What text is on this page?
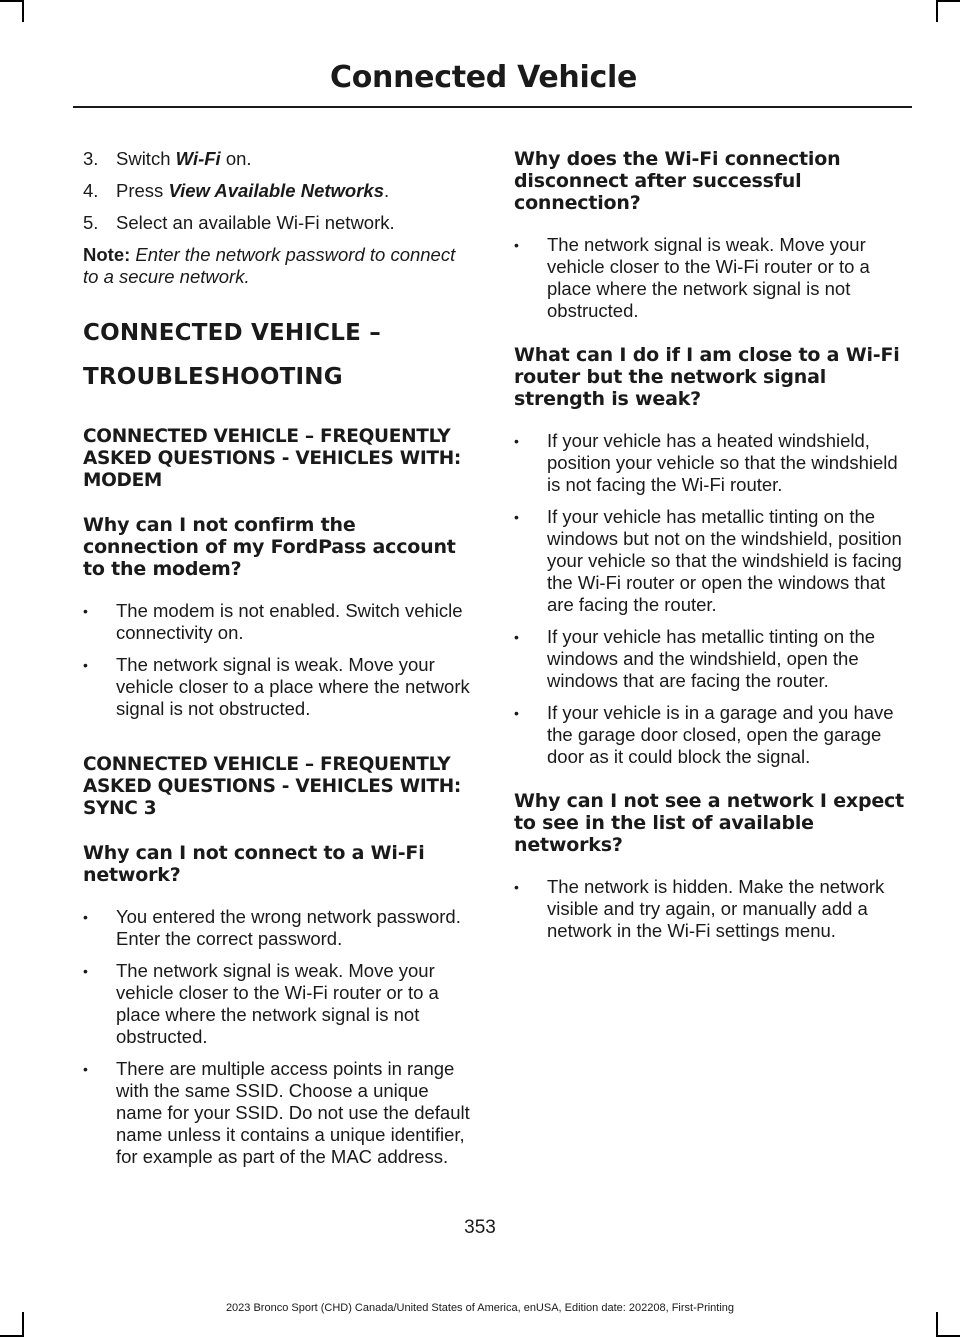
Connected Vehicle
3. Switch Wi-Fi on.
4. Press View Available Networks.
5. Select an available Wi-Fi network.

Note: Enter the network password to connect to a secure network.

CONNECTED VEHICLE –
TROUBLESHOOTING
CONNECTED VEHICLE – FREQUENTLY ASKED QUESTIONS - VEHICLES WITH: MODEM
Why can I not confirm the connection of my FordPass account to the modem?
• The modem is not enabled. Switch vehicle connectivity on.
• The network signal is weak. Move your vehicle closer to a place where the network signal is not obstructed.
CONNECTED VEHICLE – FREQUENTLY ASKED QUESTIONS - VEHICLES WITH: SYNC 3
Why can I not connect to a Wi-Fi network?
• You entered the wrong network password. Enter the correct password.
• The network signal is weak. Move your vehicle closer to the Wi-Fi router or to a place where the network signal is not obstructed.
• There are multiple access points in range with the same SSID. Choose a unique name for your SSID. Do not use the default name unless it contains a unique identifier, for example as part of the MAC address.
Why does the Wi-Fi connection disconnect after successful connection?
• The network signal is weak. Move your vehicle closer to the Wi-Fi router or to a place where the network signal is not obstructed.
What can I do if I am close to a Wi-Fi router but the network signal strength is weak?
• If your vehicle has a heated windshield, position your vehicle so that the windshield is not facing the Wi-Fi router.
• If your vehicle has metallic tinting on the windows but not on the windshield, position your vehicle so that the windshield is facing the Wi-Fi router or open the windows that are facing the router.
• If your vehicle has metallic tinting on the windows and the windshield, open the windows that are facing the router.
• If your vehicle is in a garage and you have the garage door closed, open the garage door as it could block the signal.
Why can I not see a network I expect to see in the list of available networks?
• The network is hidden. Make the network visible and try again, or manually add a network in the Wi-Fi settings menu.
353
2023 Bronco Sport (CHD) Canada/United States of America, enUSA, Edition date: 202208, First-Printing
